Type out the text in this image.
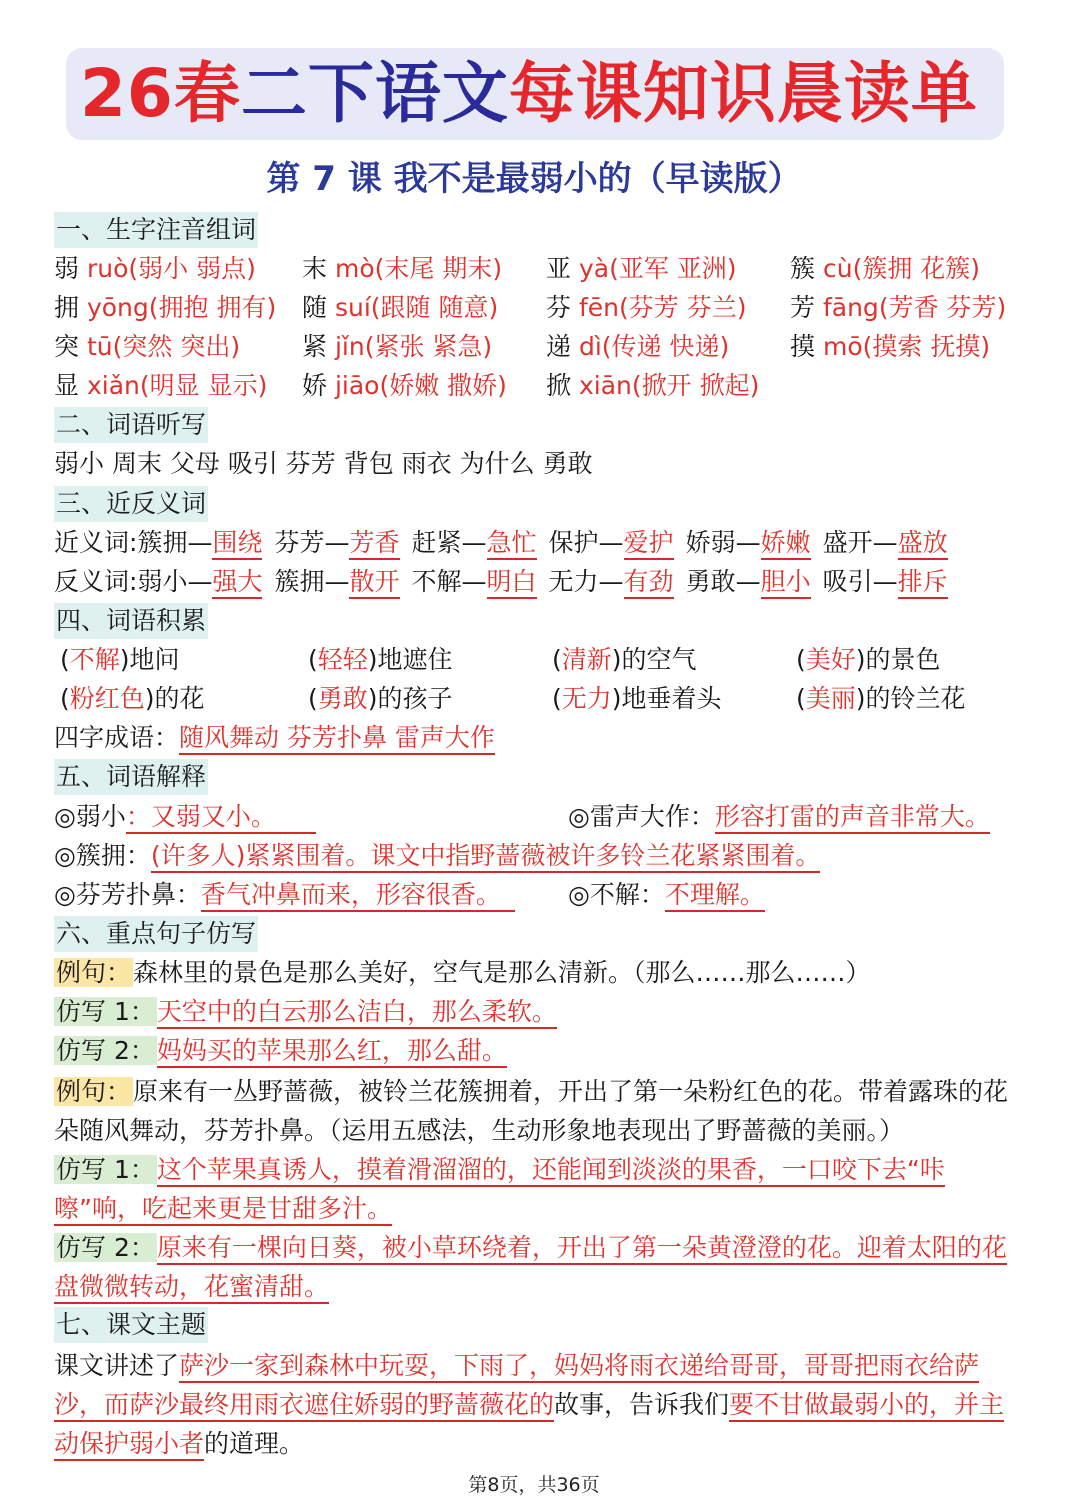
26春二下语文每课知识晨读单
第 7 课 我不是最弱小的（早读版）
一、生字注音组词
弱 ruò(弱小 弱点) 末 mò(末尾 期末) 亚 yà(亚军 亚洲) 簇 cù(簇拥 花簇)
拥 yōng(拥抱 拥有) 随 suí(跟随 随意) 芬 fēn(芬芳 芬兰) 芳 fāng(芳香 芬芳)
突 tū(突然 突出) 紧 jǐn(紧张 紧急) 递 dì(传递 快递) 摸 mō(摸索 抚摸)
显 xiǎn(明显 显示) 娇 jiāo(娇嫩 撒娇) 掀 xiān(掀开 掀起)
二、词语听写
弱小 周末 父母 吸引 芬芳 背包 雨衣 为什么 勇敢
三、近反义词
近义词:簇拥—围绕 芬芳—芳香 赶紧—急忙 保护—爱护 娇弱—娇嫩 盛开—盛放
反义词:弱小—强大 簇拥—散开 不解—明白 无力—有劲 勇敢—胆小 吸引—排斥
四、词语积累
(不解)地问	(轻轻)地遮住	(清新)的空气	(美好)的景色
(粉红色)的花	(勇敢)的孩子	(无力)地垂着头	(美丽)的铃兰花
四字成语：随风舞动 芬芳扑鼻 雷声大作
五、词语解释
◎弱小：又弱又小。	◎雷声大作：形容打雷的声音非常大。
◎簇拥：(许多人)紧紧围着。课文中指野蔷薇被许多铃兰花紧紧围着。
◎芬芳扑鼻：香气冲鼻而来，形容很香。	◎不解：不理解。
六、重点句子仿写
例句：森林里的景色是那么美好，空气是那么清新。（那么……那么……）
仿写 1：天空中的白云那么洁白，那么柔软。
仿写 2：妈妈买的苹果那么红，那么甜。
例句：原来有一丛野蔷薇，被铃兰花簇拥着，开出了第一朵粉红色的花。带着露珠的花朵随风舞动，芬芳扑鼻。（运用五感法，生动形象地表现出了野蔷薇的美丽。）
仿写 1：这个苹果真诱人，摸着滑溜溜的，还能闻到淡淡的果香，一口咬下去“咔嚓”响，吃起来更是甘甜多汁。
仿写 2：原来有一棵向日葵，被小草环绕着，开出了第一朵黄澄澄的花。迎着太阳的花盘微微转动，花蜜清甜。
七、课文主题
课文讲述了萨沙一家到森林中玩耍，下雨了，妈妈将雨衣递给哥哥，哥哥把雨衣给萨沙，而萨沙最终用雨衣遮住娇弱的野蔷薇花的故事，告诉我们要不甘做最弱小的，并主动保护弱小者的道理。
第8页，共36页
